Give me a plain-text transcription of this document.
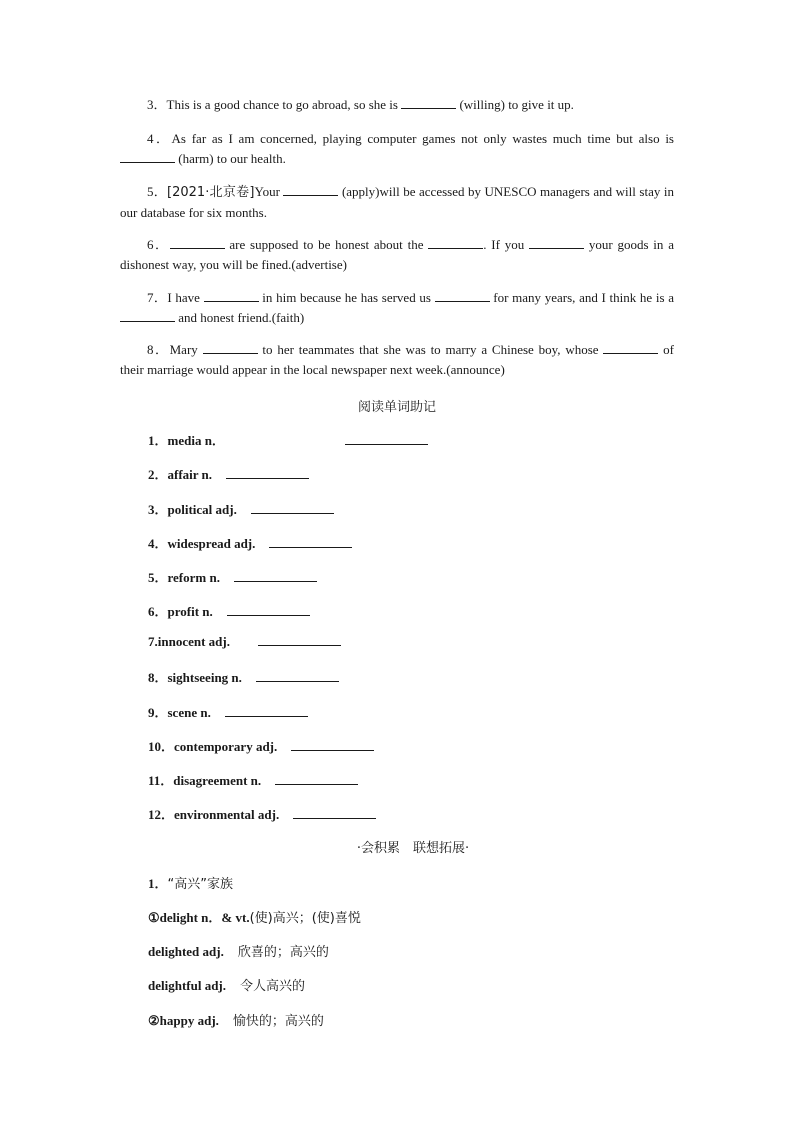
3．This is a good chance to go abroad, so she is	(willing) to give it up.
4．As far as I am concerned, playing computer games not only wastes much time but also is  (harm) to our health.
5．[2021·北京卷]Your	(apply)will be accessed by UNESCO managers and will stay in our database for six months.
6．	are supposed to be honest about the	. If you	your goods in a dishonest way, you will be fined.(advertise)
7．I have	in him because he has served us	for many years, and I think he is a  and honest friend.(faith)
8．Mary	to her teammates that she was to marry a Chinese boy, whose	of their marriage would appear in the local newspaper next week.(announce)
阅读单词助记
1．media n．
2．affair n.
3．political adj.
4．widespread adj.
5．reform n.
6．profit n.
7.innocent adj.
8．sightseeing n.
9．scene n.
10．contemporary adj.
11．disagreement n.
12．environmental adj.
·会积累　联想拓展·
1．“高兴”家族
①delight n．& vt.(使)高兴；(使)喜悦
delighted adj. 欣喜的；高兴的
delightful adj. 令人高兴的
②happy adj. 愉快的；高兴的
